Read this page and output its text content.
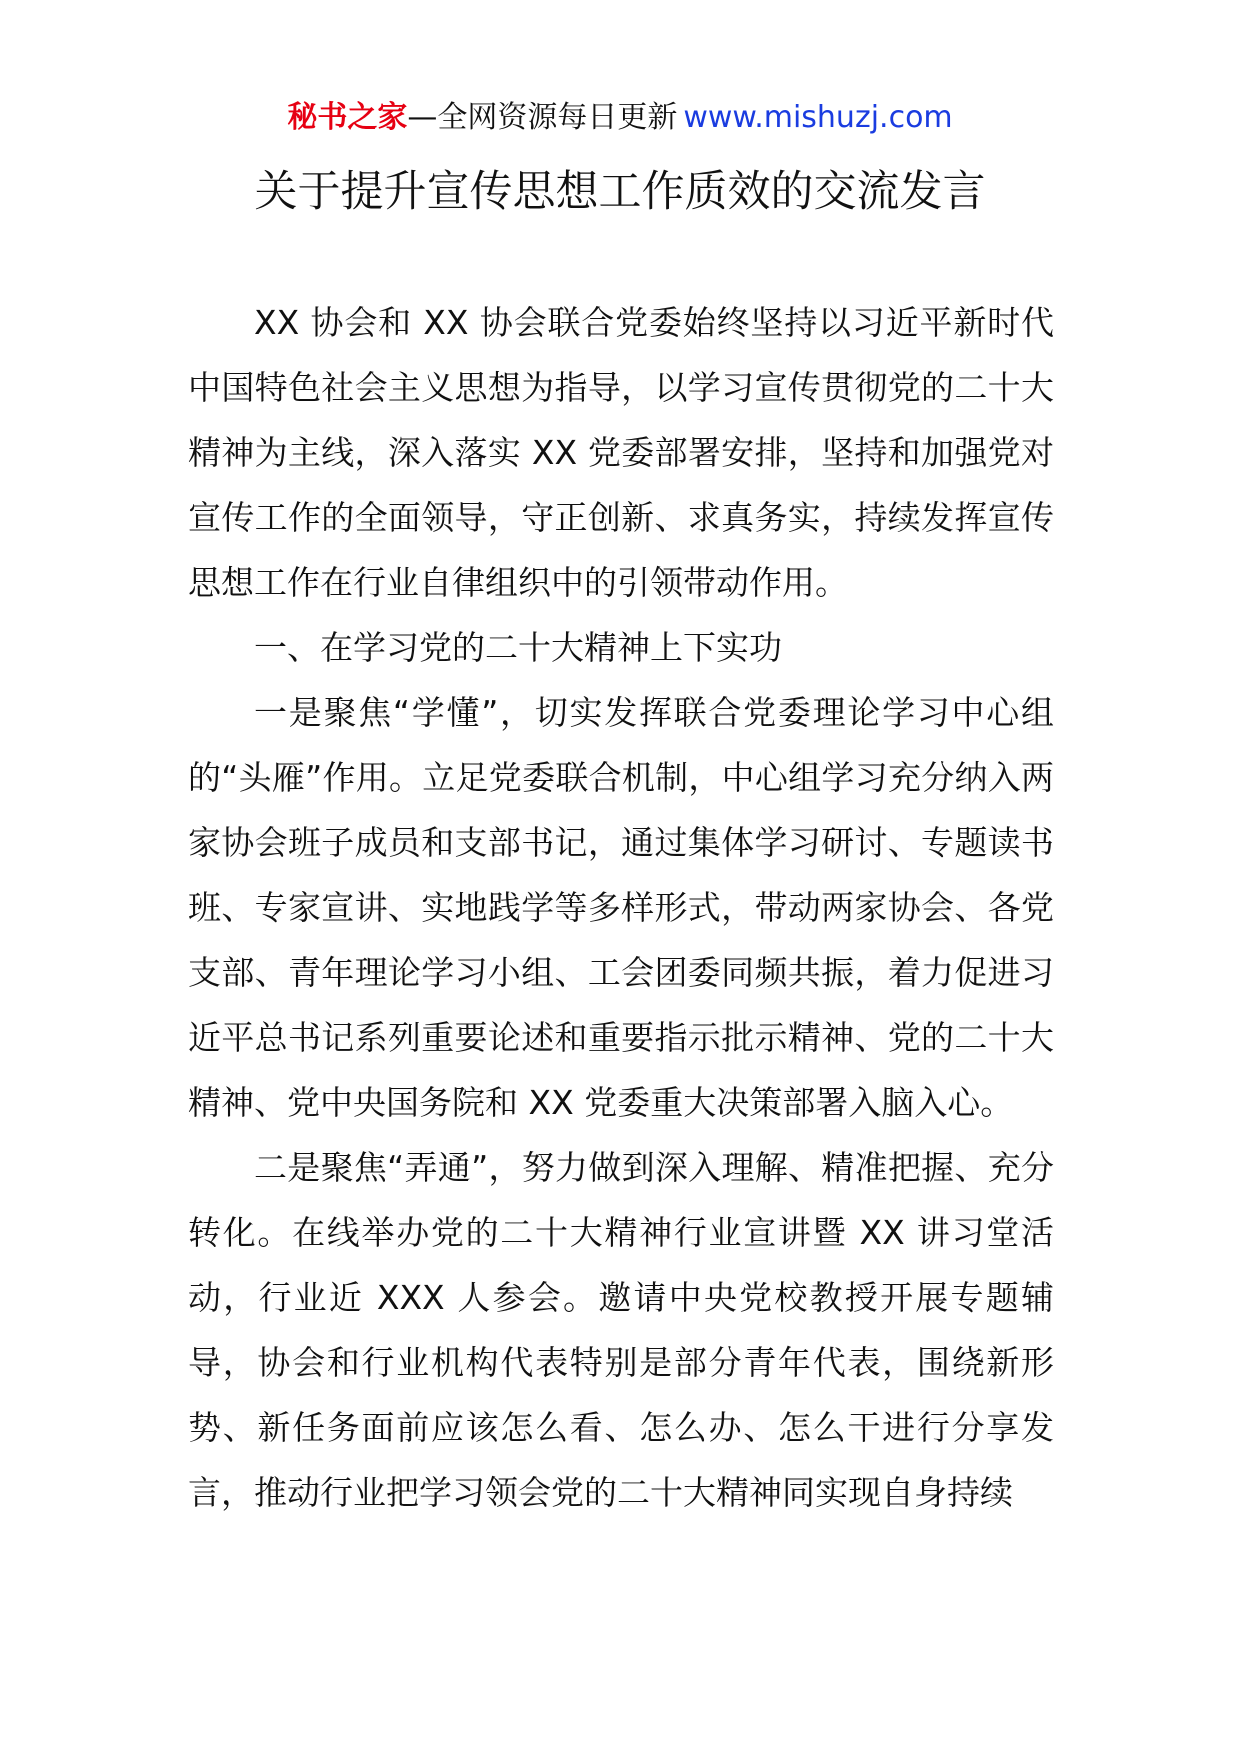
秘书之家—全网资源每日更新 www.mishuzj.com
关于提升宣传思想工作质效的交流发言

XX 协会和 XX 协会联合党委始终坚持以习近平新时代中国特色社会主义思想为指导，以学习宣传贯彻党的二十大精神为主线，深入落实 XX 党委部署安排，坚持和加强党对宣传工作的全面领导，守正创新、求真务实，持续发挥宣传思想工作在行业自律组织中的引领带动作用。

一、在学习党的二十大精神上下实功

一是聚焦“学懂”，切实发挥联合党委理论学习中心组的“头雁”作用。立足党委联合机制，中心组学习充分纳入两家协会班子成员和支部书记，通过集体学习研讨、专题读书班、专家宣讲、实地践学等多样形式，带动两家协会、各党支部、青年理论学习小组、工会团委同频共振，着力促进习近平总书记系列重要论述和重要指示批示精神、党的二十大精神、党中央国务院和 XX 党委重大决策部署入脑入心。

二是聚焦“弄通”，努力做到深入理解、精准把握、充分转化。在线举办党的二十大精神行业宣讲暨 XX 讲习堂活动，行业近 XXX 人参会。邀请中央党校教授开展专题辅导，协会和行业机构代表特别是部分青年代表，围绕新形势、新任务面前应该怎么看、怎么办、怎么干进行分享发言，推动行业把学习领会党的二十大精神同实现自身持续
